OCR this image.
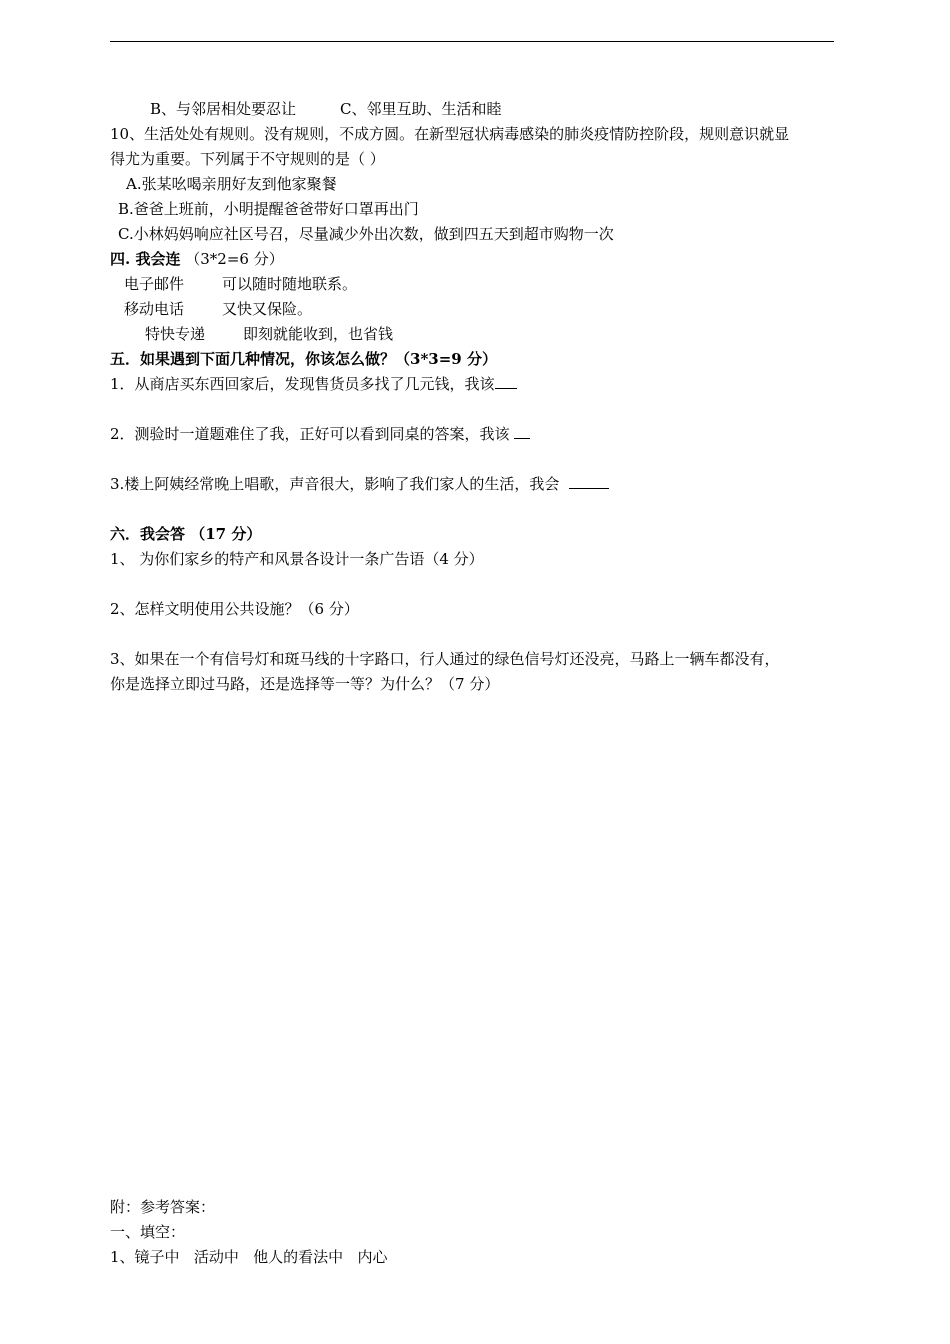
B、与邻居相处要忍让	C、邻里互助、生活和睦
10、生活处处有规则。没有规则，不成方圆。在新型冠状病毒感染的肺炎疫情防控阶段，规则意识就显
得尤为重要。下列属于不守规则的是（ ）
A.张某吆喝亲朋好友到他家聚餐
B.爸爸上班前，小明提醒爸爸带好口罩再出门
C.小林妈妈响应社区号召，尽量减少外出次数，做到四五天到超市购物一次
四. 我会连 （3*2=6 分）
电子邮件	可以随时随地联系。
移动电话	又快又保险。
特快专递	即刻就能收到，也省钱
五．如果遇到下面几种情况，你该怎么做？（3*3=9 分）
1．从商店买东西回家后，发现售货员多找了几元钱，我该
2．测验时一道题难住了我，正好可以看到同桌的答案，我该
3.楼上阿姨经常晚上唱歌，声音很大，影响了我们家人的生活，我会
六．我会答 （17 分）
1、 为你们家乡的特产和风景各设计一条广告语（4 分）
2、怎样文明使用公共设施？（6 分）
3、如果在一个有信号灯和斑马线的十字路口，行人通过的绿色信号灯还没亮，马路上一辆车都没有，
你是选择立即过马路，还是选择等一等？为什么？（7 分）
附：参考答案：
一、填空：
1、镜子中   活动中   他人的看法中   内心
